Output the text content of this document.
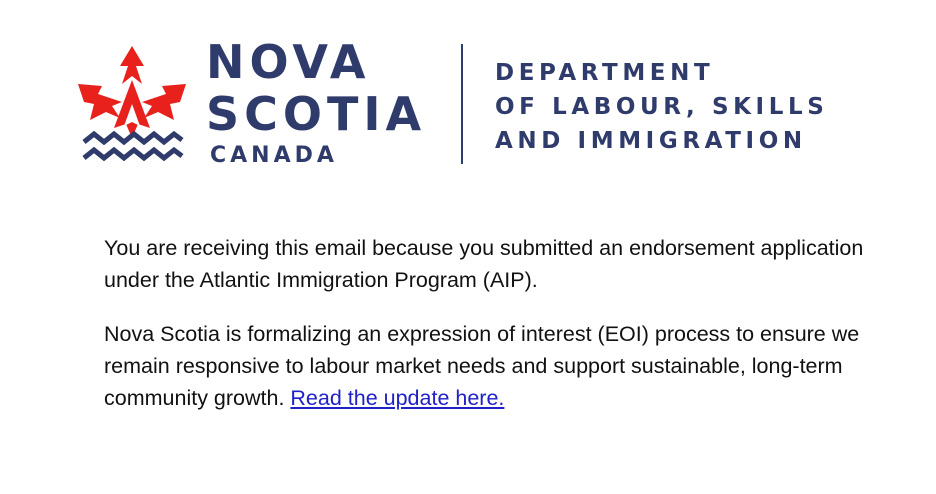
NOVA
SCOTIA
CANADA
DEPARTMENT
OF LABOUR, SKILLS
AND IMMIGRATION

You are receiving this email because you submitted an endorsement application under the Atlantic Immigration Program (AIP).

Nova Scotia is formalizing an expression of interest (EOI) process to ensure we remain responsive to labour market needs and support sustainable, long-term community growth. Read the update here.
